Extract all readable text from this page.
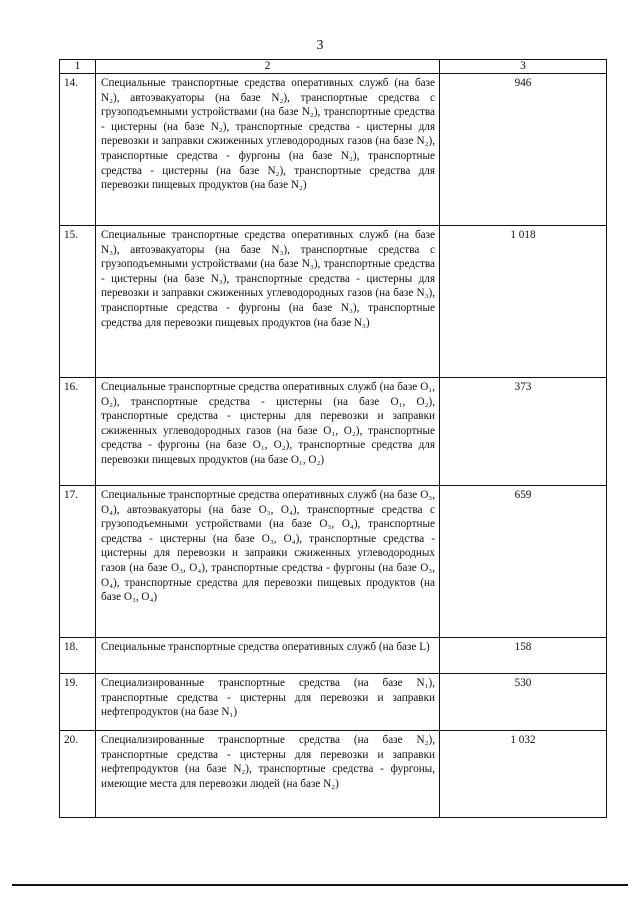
3
1	2	3
14.	Специальные транспортные средства оперативных служб (на базе N₂), автоэвакуаторы (на базе N₂), транспортные средства с грузоподъемными устройствами (на базе N₂), транспортные средства - цистерны (на базе N₂), транспортные средства - цистерны для перевозки и заправки сжиженных углеводородных газов (на базе N₂), транспортные средства - фургоны (на базе N₂), транспортные средства - цистерны (на базе N₂), транспортные средства для перевозки пищевых продуктов (на базе N₂)	946
15.	Специальные транспортные средства оперативных служб (на базе N₃), автоэвакуаторы (на базе N₃), транспортные средства с грузоподъемными устройствами (на базе N₃), транспортные средства - цистерны (на базе N₃), транспортные средства - цистерны для перевозки и заправки сжиженных углеводородных газов (на базе N₃), транспортные средства - фургоны (на базе N₃), транспортные средства для перевозки пищевых продуктов (на базе N₃)	1 018
16.	Специальные транспортные средства оперативных служб (на базе O₁, O₂), транспортные средства - цистерны (на базе O₁, O₂), транспортные средства - цистерны для перевозки и заправки сжиженных углеводородных газов (на базе O₁, O₂), транспортные средства - фургоны (на базе O₁, O₂), транспортные средства для перевозки пищевых продуктов (на базе O₁, O₂)	373
17.	Специальные транспортные средства оперативных служб (на базе O₃, O₄), автоэвакуаторы (на базе O₃, O₄), транспортные средства с грузоподъемными устройствами (на базе O₃, O₄), транспортные средства - цистерны (на базе O₃, O₄), транспортные средства - цистерны для перевозки и заправки сжиженных углеводородных газов (на базе O₃, O₄), транспортные средства - фургоны (на базе O₃, O₄), транспортные средства для перевозки пищевых продуктов (на базе O₃, O₄)	659
18.	Специальные транспортные средства оперативных служб (на базе L)	158
19.	Специализированные транспортные средства (на базе N₁), транспортные средства - цистерны для перевозки и заправки нефтепродуктов (на базе N₁)	530
20.	Специализированные транспортные средства (на базе N₂), транспортные средства - цистерны для перевозки и заправки нефтепродуктов (на базе N₂), транспортные средства - фургоны, имеющие места для перевозки людей (на базе N₂)	1 032
